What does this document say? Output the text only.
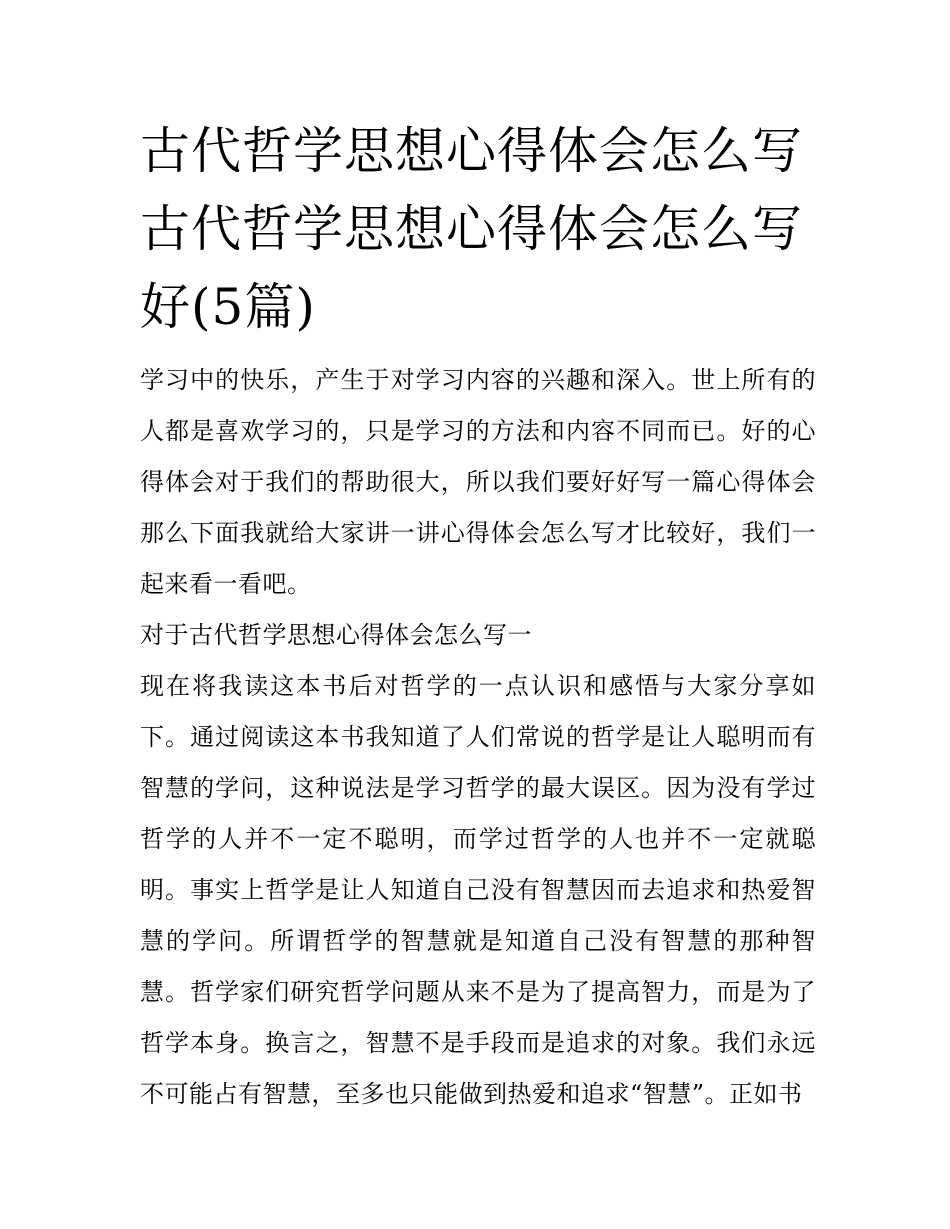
古代哲学思想心得体会怎么写古代哲学思想心得体会怎么写好(5篇)

学习中的快乐，产生于对学习内容的兴趣和深入。世上所有的人都是喜欢学习的，只是学习的方法和内容不同而已。好的心得体会对于我们的帮助很大，所以我们要好好写一篇心得体会那么下面我就给大家讲一讲心得体会怎么写才比较好，我们一起来看一看吧。

对于古代哲学思想心得体会怎么写一

现在将我读这本书后对哲学的一点认识和感悟与大家分享如下。通过阅读这本书我知道了人们常说的哲学是让人聪明而有智慧的学问，这种说法是学习哲学的最大误区。因为没有学过哲学的人并不一定不聪明，而学过哲学的人也并不一定就聪明。事实上哲学是让人知道自己没有智慧因而去追求和热爱智慧的学问。所谓哲学的智慧就是知道自己没有智慧的那种智慧。哲学家们研究哲学问题从来不是为了提高智力，而是为了哲学本身。换言之，智慧不是手段而是追求的对象。我们永远不可能占有智慧，至多也只能做到热爱和追求“智慧”。正如书
